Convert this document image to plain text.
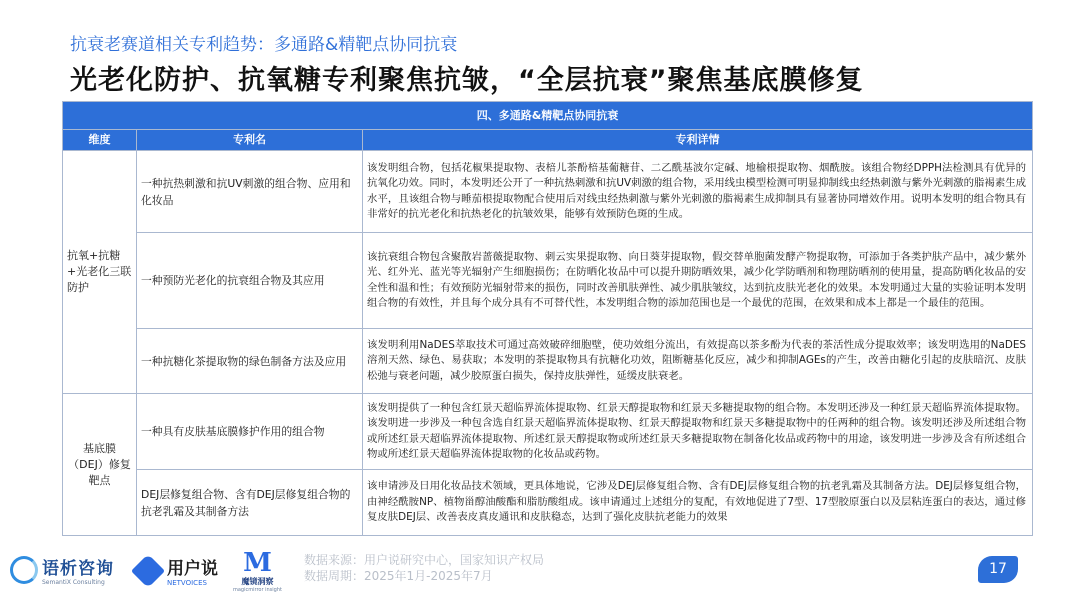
抗衰老赛道相关专利趋势：多通路&精靶点协同抗衰
光老化防护、抗氧糖专利聚焦抗皱，“全层抗衰”聚焦基底膜修复
四、多通路&精靶点协同抗衰		
维度	专利名	专利详情
抗氧+抗糖+光老化三联防护	一种抗热刺激和抗UV刺激的组合物、应用和化妆品	该发明组合物，包括花椒果提取物、表棓儿茶酚棓基葡糖苷、二乙酰基波尔定碱、地榆根提取物、烟酰胺。该组合物经DPPH法检测具有优异的抗氧化功效。同时，本发明还公开了一种抗热刺激和抗UV刺激的组合物，采用线虫模型检测可明显抑制线虫经热刺激与紫外光刺激的脂褐素生成水平，且该组合物与睡茄根提取物配合使用后对线虫经热刺激与紫外光刺激的脂褐素生成抑制具有显著协同增效作用。说明本发明的组合物具有非常好的抗光老化和抗热老化的抗皱效果，能够有效预防色斑的生成。
	一种预防光老化的抗衰组合物及其应用	该抗衰组合物包含聚散岩蔷薇提取物、刺云实果提取物、向日葵芽提取物，假交替单胞菌发酵产物提取物，可添加于各类护肤产品中，减少紫外光、红外光、蓝光等光辐射产生细胞损伤；在防晒化妆品中可以提升期防晒效果，减少化学防晒剂和物理防晒剂的使用量，提高防晒化妆品的安全性和温和性；有效预防光辐射带来的损伤，同时改善肌肤弹性、减少肌肤皱纹，达到抗皮肤光老化的效果。本发明通过大量的实验证明本发明组合物的有效性，并且每个成分具有不可替代性，本发明组合物的添加范围也是一个最优的范围，在效果和成本上都是一个最佳的范围。
	一种抗糖化茶提取物的绿色制备方法及应用	该发明利用NaDES萃取技术可通过高效破碎细胞壁，使功效组分流出，有效提高以茶多酚为代表的茶活性成分提取效率；该发明选用的NaDES溶剂天然、绿色、易获取；本发明的茶提取物具有抗糖化功效，阻断糖基化反应，减少和抑制AGEs的产生，改善由糖化引起的皮肤暗沉、皮肤松弛与衰老问题，减少胶原蛋白损失，保持皮肤弹性，延缓皮肤衰老。
基底膜（DEJ）修复靶点	一种具有皮肤基底膜修护作用的组合物	该发明提供了一种包含红景天超临界流体提取物、红景天醇提取物和红景天多糖提取物的组合物。本发明还涉及一种红景天超临界流体提取物。该发明进一步涉及一种包含选自红景天超临界流体提取物、红景天醇提取物和红景天多糖提取物中的任两种的组合物。该发明还涉及所述组合物或所述红景天超临界流体提取物、所述红景天醇提取物或所述红景天多糖提取物在制备化妆品或药物中的用途，该发明进一步涉及含有所述组合物或所述红景天超临界流体提取物的化妆品或药物。
	DEJ层修复组合物、含有DEJ层修复组合物的抗老乳霜及其制备方法	该申请涉及日用化妆品技术领域，更具体地说，它涉及DEJ层修复组合物、含有DEJ层修复组合物的抗老乳霜及其制备方法。DEJ层修复组合物，由神经酰胺NP、植物甾醇油酸酯和脂肪酸组成。该申请通过上述组分的复配，有效地促进了7型、17型胶原蛋白以及层粘连蛋白的表达，通过修复皮肤DEJ层、改善表皮真皮通讯和皮肤稳态，达到了强化皮肤抗老能力的效果
语析咨询
SemantiX Consulting
用户说
NETVOICES
M
魔镜洞察
magicmirror insight
数据来源：用户说研究中心，国家知识产权局
数据周期：2025年1月-2025年7月	17
